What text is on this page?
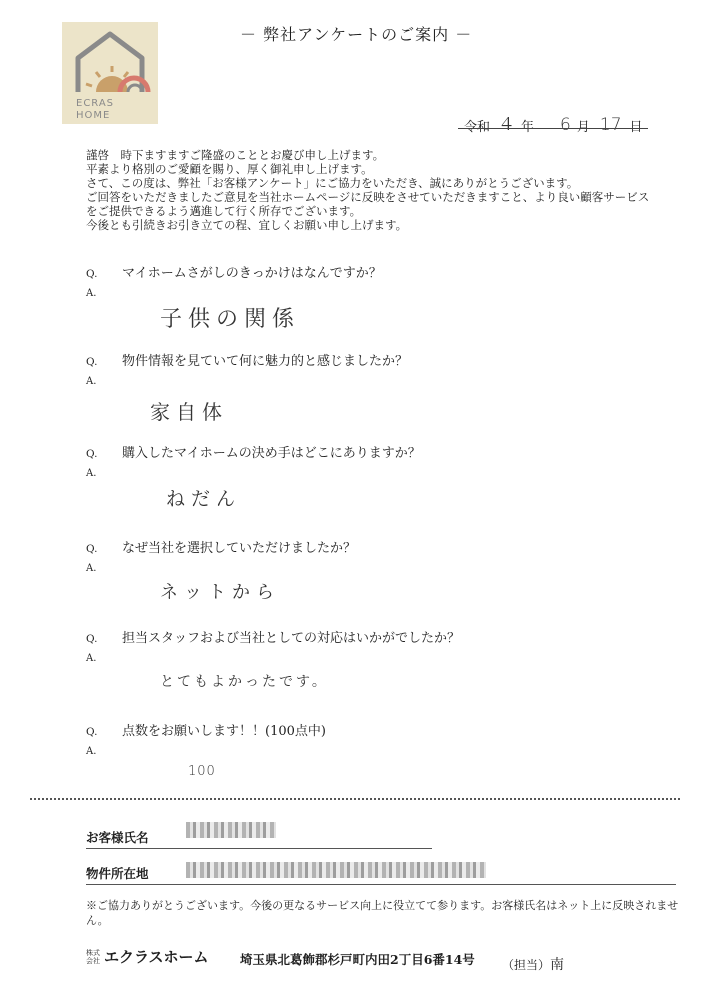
－ 弊社アンケートのご案内 －
ECRAS
HOME
令和 ４ 年 6 月 17 日
謹啓　時下ますますご隆盛のこととお慶び申し上げます。
平素より格別のご愛顧を賜り、厚く御礼申し上げます。
さて、この度は、弊社「お客様アンケート」にご協力をいただき、誠にありがとうございます。
ご回答をいただきましたご意見を当社ホームページに反映をさせていただきますこと、より良い顧客サービス
をご提供できるよう邁進して行く所存でございます。
今後とも引続きお引き立ての程、宜しくお願い申し上げます。
Q. マイホームさがしのきっかけはなんですか？
A.
子供の関係
Q. 物件情報を見ていて何に魅力的と感じましたか？
A.
家自体
Q. 購入したマイホームの決め手はどこにありますか？
A.
ねだん
Q. なぜ当社を選択していただけましたか？
A.
ネットから
Q. 担当スタッフおよび当社としての対応はいかがでしたか？
A.
とてもよかったです。
Q. 点数をお願いします！！(100点中)
A.
100
お客様氏名
物件所在地
※ご協力ありがとうございます。今後の更なるサービス向上に役立てて参ります。お客様氏名はネット上に反映されません。
株式
会社 エクラスホーム	埼玉県北葛飾郡杉戸町内田2丁目6番14号 （担当）南
